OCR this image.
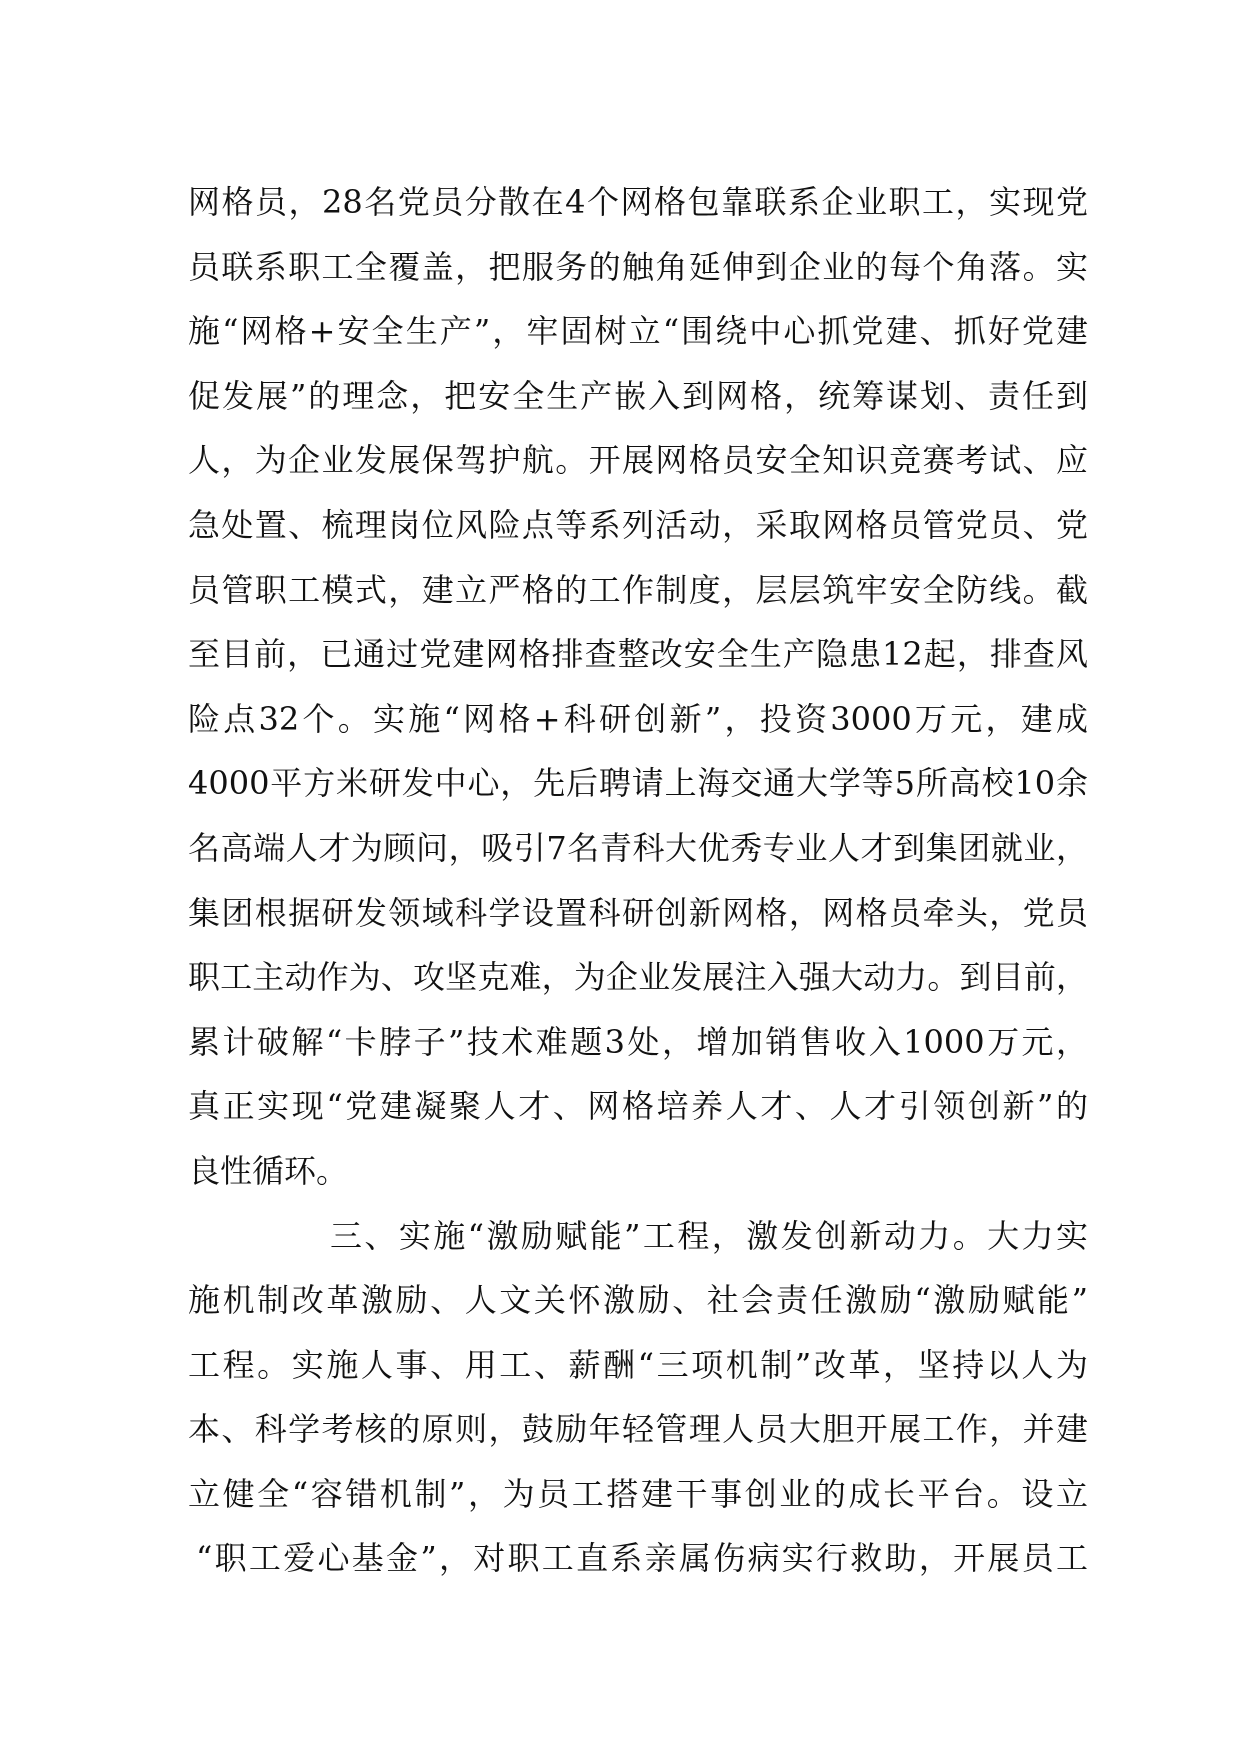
网格员，28名党员分散在4个网格包靠联系企业职工，实现党
员联系职工全覆盖，把服务的触角延伸到企业的每个角落。实
施“网格+安全生产”，牢固树立“围绕中心抓党建、抓好党建
促发展”的理念，把安全生产嵌入到网格，统筹谋划、责任到
人，为企业发展保驾护航。开展网格员安全知识竞赛考试、应
急处置、梳理岗位风险点等系列活动，采取网格员管党员、党
员管职工模式，建立严格的工作制度，层层筑牢安全防线。截
至目前，已通过党建网格排查整改安全生产隐患12起，排查风
险点32个。实施“网格+科研创新”，投资3000万元，建成
4000平方米研发中心，先后聘请上海交通大学等5所高校10余
名高端人才为顾问，吸引7名青科大优秀专业人才到集团就业，
集团根据研发领域科学设置科研创新网格，网格员牵头，党员
职工主动作为、攻坚克难，为企业发展注入强大动力。到目前，
累计破解“卡脖子”技术难题3处，增加销售收入1000万元，
真正实现“党建凝聚人才、网格培养人才、人才引领创新”的
良性循环。
三、实施“激励赋能”工程，激发创新动力。大力实
施机制改革激励、人文关怀激励、社会责任激励“激励赋能”
工程。实施人事、用工、薪酬“三项机制”改革，坚持以人为
本、科学考核的原则，鼓励年轻管理人员大胆开展工作，并建
立健全“容错机制”，为员工搭建干事创业的成长平台。设立
“职工爱心基金”，对职工直系亲属伤病实行救助，开展员工
